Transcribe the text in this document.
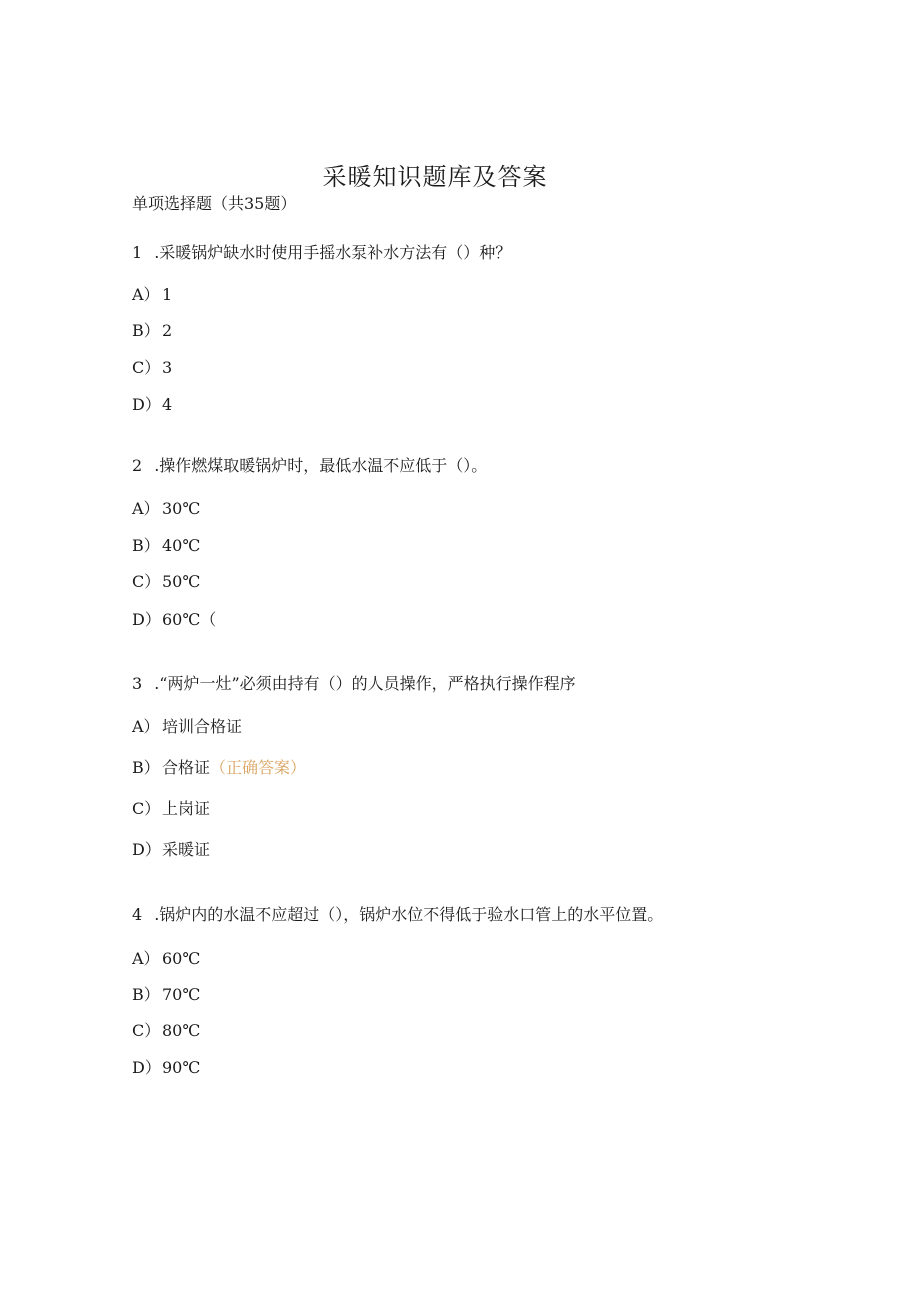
采暖知识题库及答案
单项选择题（共35题）
1 .采暖锅炉缺水时使用手摇水泵补水方法有（）种？
A） 1
B） 2
C） 3
D）4
2 .操作燃煤取暖锅炉时，最低水温不应低于（）。
A） 30℃
B） 40℃
C） 50℃
D）60℃（
3 .“两炉一灶”必须由持有（）的人员操作，严格执行操作程序
A） 培训合格证
B） 合格证（正确答案）
C） 上岗证
D）采暖证
4 .锅炉内的水温不应超过（），锅炉水位不得低于验水口管上的水平位置。
A） 60℃
B） 70℃
C） 80℃
D）90℃
